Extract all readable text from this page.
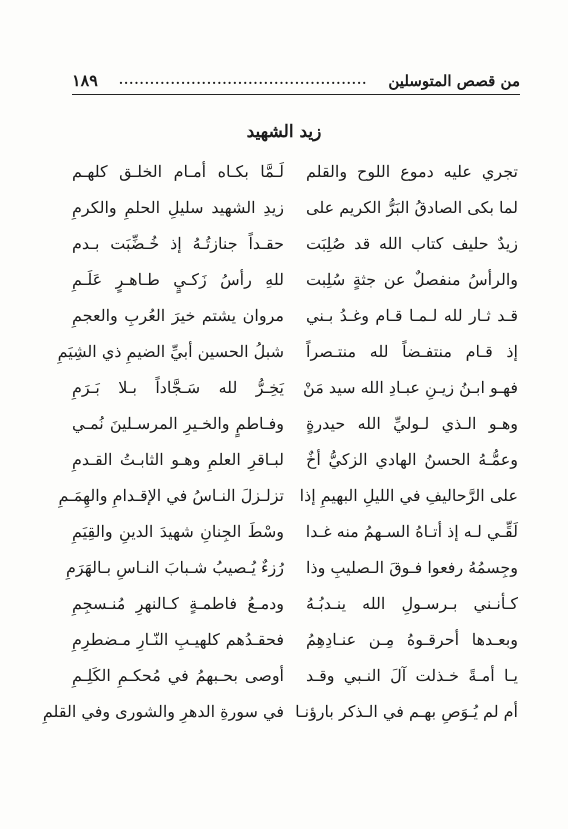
من قصص المتوسلين
................................................
١٨٩
زيد الشهيد
تجري عليه دموع اللوح والقلم
لَـمَّا بكـاه أمـام الخلـق كلهـم
لما بكى الصادقُ البَرُّ الكريم على
زيدِ الشهيد سليلِ الحلمِ والكرمِ
زيدٌ حليف كتاب الله قد صُلِبَت
حقـداً جنازتُـهُ إذ خُـضِّبَت بـدم
والرأسُ منفصلٌ عن جثةٍ سُلِبت
للهِ رأسُ زَكـيٍ طـاهـرٍ عَلَـمِ
قـد ثـار لله لـمـا قـام وغـدُ بـني
مروان يشتم خيرَ العُربِ والعجمِ
إذ قـام منتفـضاً لله منتـصراً
شبلُ الحسين أبيِّ الضيمِ ذي الشِيَمِ
فهـو ابـنُ زيـنِ عبـادِ الله سيد مَنْ
يَخِـرُّ لله سَـجَّاداً بـلا بَـرَمِ
وهـو الـذي لـوليِّ الله حيدرةٍ
وفـاطمٍ والخـيرِ المرسـلينَ نُمـي
وعمُّـهُ الحسنُ الهادي الزكيُّ أخٌ
لبـاقرِ العلمِ وهـو الثابـتُ القـدمِ
على الرَّحاليفِ في الليلِ البهيمِ إذا
تزلـزلَ النـاسُ في الإقـدامِ والهِمَـمِ
لَقِّـي لـه إذ أتـاهُ السـهمُ منه غـدا
وسْطَ الجِنانِ شهيدَ الدينِ والقِيَمِ
وجِسمُهُ رفعوا فـوقَ الـصليبِ وذا
رُزءٌ يُـصيبُ شـبابَ النـاسِ بـالهَرَمِ
كـأنـني بـرسـولِ الله ينـدبُـهُ
ودمـعُ فاطمـةٍ كـالنهرِ مُنـسجِمِ
وبعـدها أحرقـوهُ مِـن عنـادِهِمُ
فحقـدُهم كلهيـبِ النّـارِ مـضطرِمِ
يـا أمـةً خـذلت آلَ النـبي وقـد
أوصى بحـبهمُ في مُحكـمِ الكَلِـمِ
أم لم يُـوَصِ بهـم في الـذكر بارؤنـا
في سورةِ الدهرِ والشورى وفي القلمِ
